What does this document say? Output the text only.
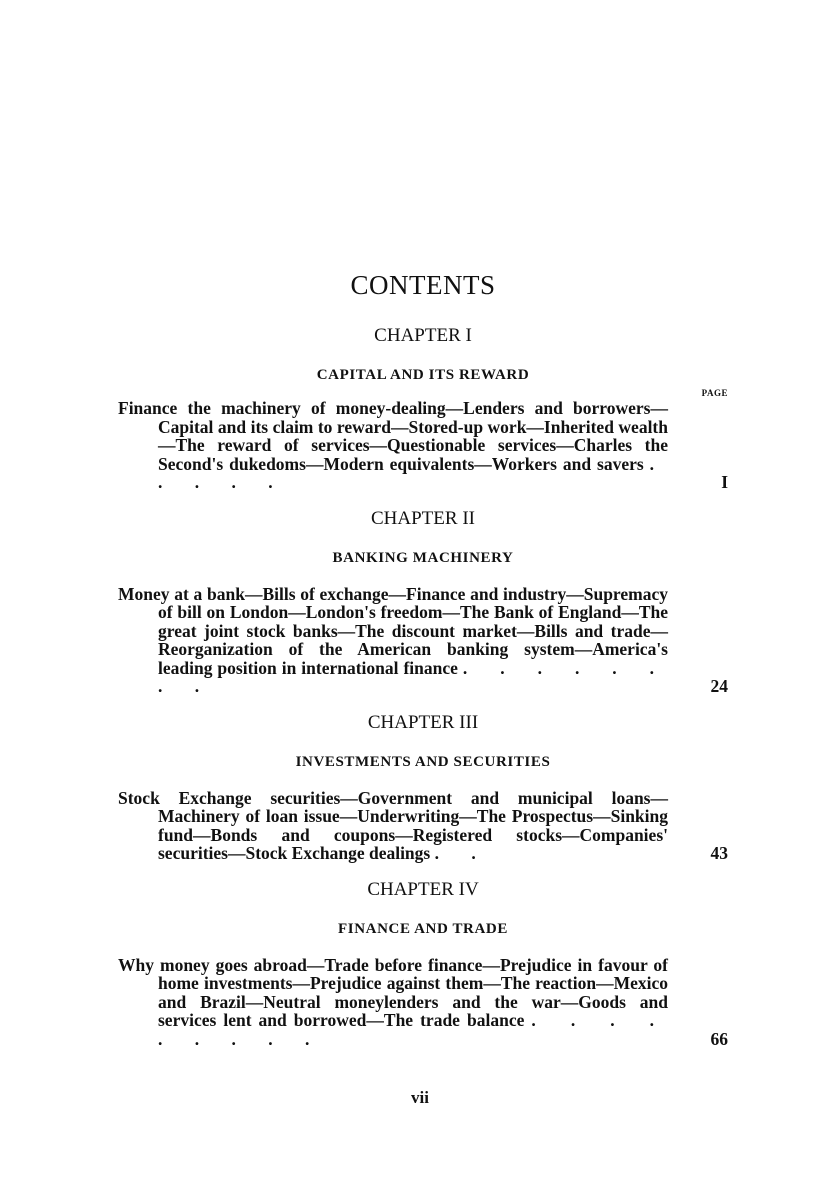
CONTENTS
CHAPTER I
CAPITAL AND ITS REWARD
PAGE
Finance the machinery of money-dealing—Lenders and borrowers—Capital and its claim to reward—Stored-up work—Inherited wealth—The reward of services—Questionable services—Charles the Second's dukedoms—Modern equivalents—Workers and savers . . . . .	I
CHAPTER II
BANKING MACHINERY
Money at a bank—Bills of exchange—Finance and industry—Supremacy of bill on London—London's freedom—The Bank of England—The great joint stock banks—The discount market—Bills and trade—Reorganization of the American banking system—America's leading position in international finance . . . . . . . .	24
CHAPTER III
INVESTMENTS AND SECURITIES
Stock Exchange securities—Government and municipal loans—Machinery of loan issue—Underwriting—The Prospectus—Sinking fund—Bonds and coupons—Registered stocks—Companies' securities—Stock Exchange dealings . .	43
CHAPTER IV
FINANCE AND TRADE
Why money goes abroad—Trade before finance—Prejudice in favour of home investments—Prejudice against them—The reaction—Mexico and Brazil—Neutral moneylenders and the war—Goods and services lent and borrowed—The trade balance . . . . . . . . .	66
vii
